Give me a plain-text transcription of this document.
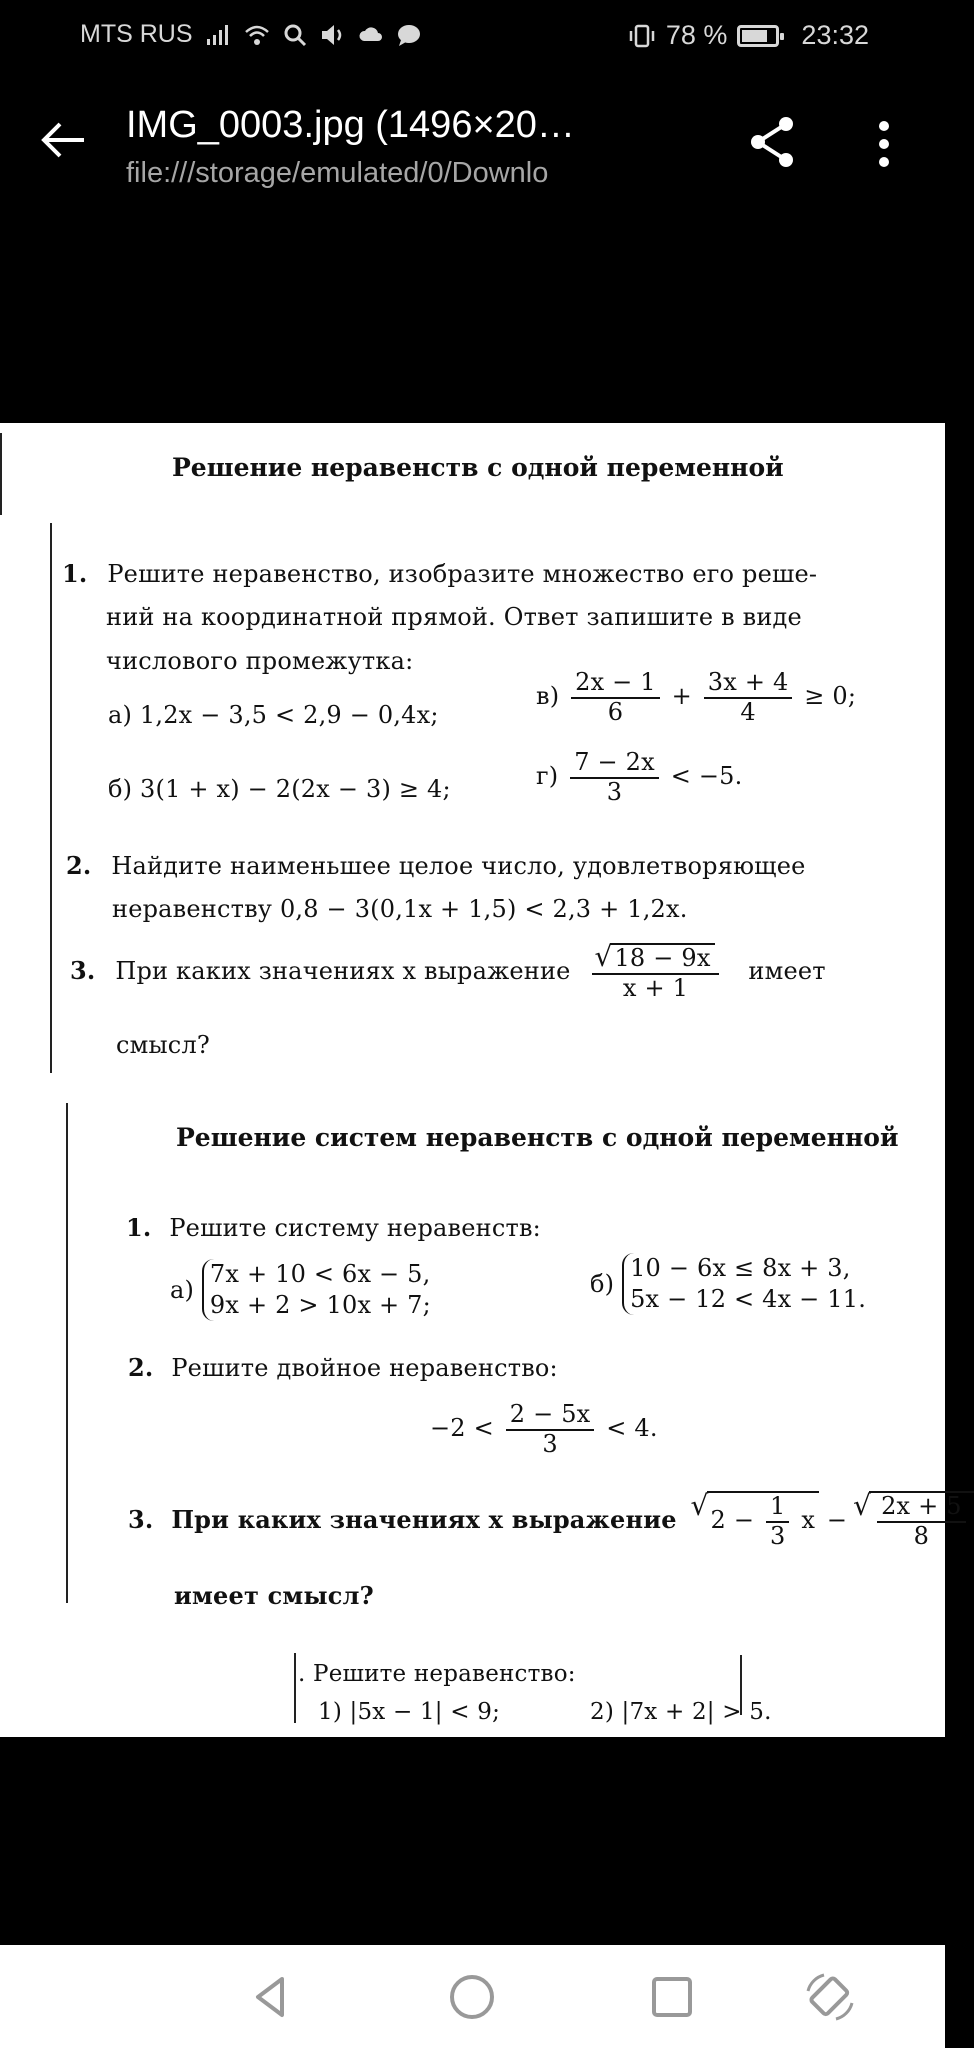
MTS RUS	78 %	23:32
IMG_0003.jpg (1496×20…
file:///storage/emulated/0/Downlo
Решение неравенств с одной переменной
1. Решите неравенство, изобразите множество его реше-
ний на координатной прямой. Ответ запишите в виде
числового промежутка:
а) 1,2x − 3,5 < 2,9 − 0,4x;
$в) \frac{2x - 1}{6} + \frac{3x + 4}{4} \ge 0$;
б) 3(1 + x) − 2(2x − 3) ≥ 4;	$г) \frac{7 - 2x}{3} < -5$.
2. Найдите наименьшее целое число, удовлетворяющее
неравенству 0,8 − 3(0,1x + 1,5) < 2,3 + 1,2x.
3. При каких значениях x выражение √ $\frac{18 - 9x}{x + 1}$ имеет
смысл?
Решение систем неравенств с одной переменной
1. Решите систему неравенств:
а)
7x + 10 < 6x − 5,
9x + 2 > 10x + 7;
б)
10 − 6x ≤ 8x + 3,
5x − 12 < 4x − 11.
2. Решите двойное неравенство:
$-2 < \frac{2 - 5x}{3} < 4$.
3. При каких значениях x выражение √ $2 - \frac{1}{3}$ x − √ $\frac{2x + 5}{8}$
имеет смысл?
. Решите неравенство:
1) |5x − 1| < 9;	2) |7x + 2| > 5.
